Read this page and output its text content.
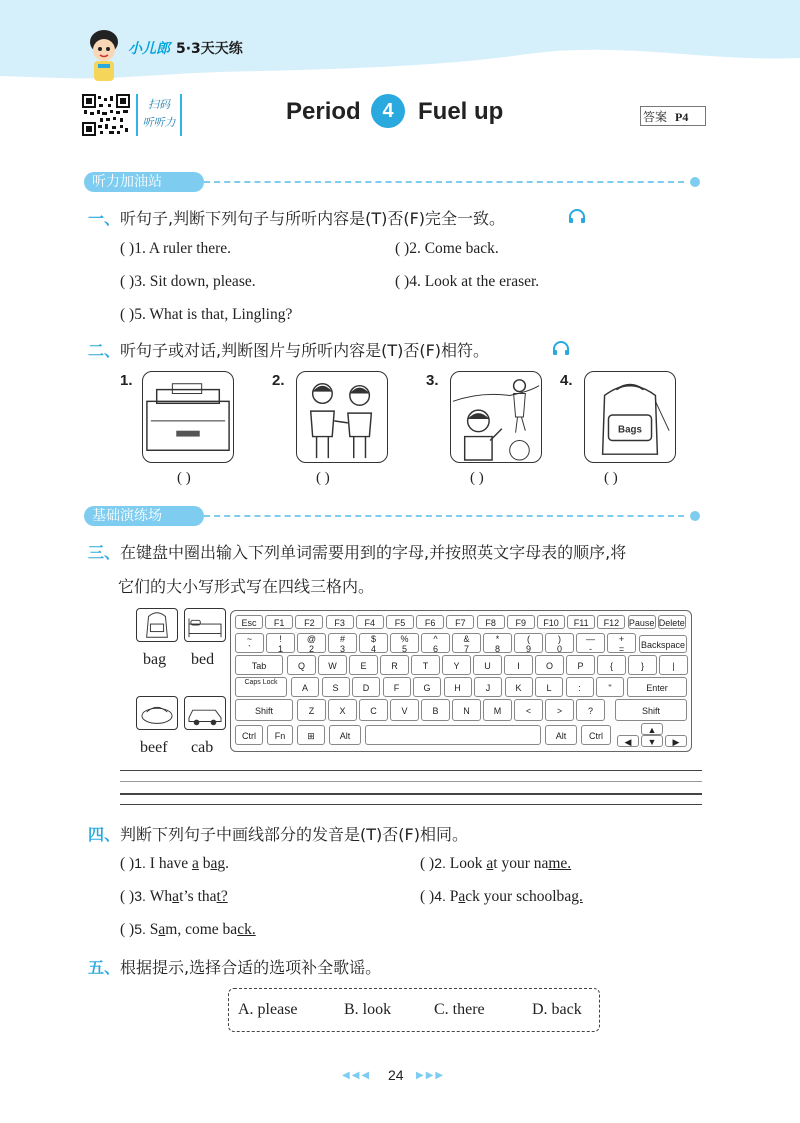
小儿郎 5·3天天练
扫码
听听力	Period	4	Fuel up	答案 P4
听力加油站
一、听句子,判断下列句子与所听内容是(T)否(F)完全一致。
( )1. A ruler there.	( )2. Come back.
( )3. Sit down, please.	( )4. Look at the eraser.
( )5. What is that, Lingling?
二、听句子或对话,判断图片与所听内容是(T)否(F)相符。
1.	2.	3.	4.
Bags
( )	( )	( )	( )
基础演练场
三、在键盘中圈出输入下列单词需要用到的字母,并按照英文字母表的顺序,将
它们的大小写形式写在四线三格内。
bag bed
beef cab
Backspace
Tab
Caps Lock
Enter
Shift	Shift
Ctrl	Fn	⊞	Alt	Alt	Ctrl
◀
▲
▼	▶
Esc	F1	F2	F3	F4	F5	F6	F7	F8	F9	F10	F11	F12	Pause Delete
~
`
!
1
@
2
#
3
$
4
%
5
^
6
&
7
*
8
(
9
)
0
—
-
+
=
Q	W	E	R	T	Y	U	I	O	P	{	}	|
A	S	D	F	G	H	J	K	L	:	"
Z	X	C	V	B	N	M	<	>	?
四、判断下列句子中画线部分的发音是(T)否(F)相同。
( )1. I have a bag.	( )2. Look at your name.
( )3. What’s that?	( )4. Pack your schoolbag.
( )5. Sam, come back.
五、根据提示,选择合适的选项补全歌谣。
A. please	B. look	C. there	D. back
◀◀◀ 24 ▶▶▶
